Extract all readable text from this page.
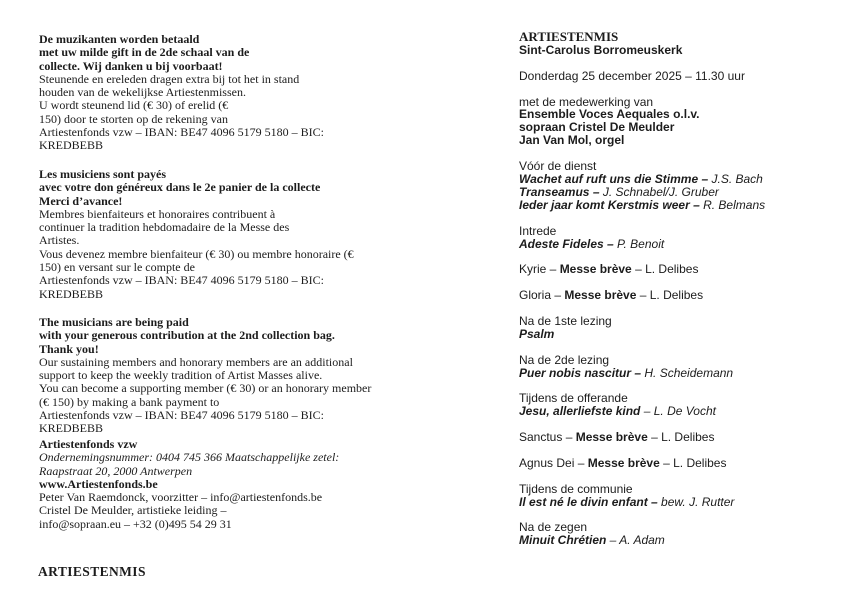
De muzikanten worden betaald
met uw milde gift in de 2de schaal van de
collecte. Wij danken u bij voorbaat!
Steunende en ereleden dragen extra bij tot het in stand
houden van de wekelijkse Artiestenmissen.
U wordt steunend lid (€ 30) of erelid (€
150) door te storten op de rekening van
Artiestenfonds vzw – IBAN: BE47 4096 5179 5180 – BIC:
KREDBEBB
Les musiciens sont payés
avec votre don généreux dans le 2e panier de la collecte
Merci d’avance!
Membres bienfaiteurs et honoraires contribuent à
continuer la tradition hebdomadaire de la Messe des
Artistes.
Vous devenez membre bienfaiteur (€ 30) ou membre honoraire (€
150) en versant sur le compte de
Artiestenfonds vzw – IBAN: BE47 4096 5179 5180 – BIC:
KREDBEBB
The musicians are being paid
with your generous contribution at the 2nd collection bag.
Thank you!
Our sustaining members and honorary members are an additional
support to keep the weekly tradition of Artist Masses alive.
You can become a supporting member (€ 30) or an honorary member
(€ 150) by making a bank payment to
Artiestenfonds vzw – IBAN: BE47 4096 5179 5180 – BIC:
KREDBEBB
Artiestenfonds vzw
Ondernemingsnummer: 0404 745 366 Maatschappelijke zetel:
Raapstraat 20, 2000 Antwerpen
www.Artiestenfonds.be
Peter Van Raemdonck, voorzitter – info@artiestenfonds.be
Cristel De Meulder, artistieke leiding –
info@sopraan.eu – +32 (0)495 54 29 31
ARTIESTENMIS
ARTIESTENMIS
Sint-Carolus Borromeuskerk

Donderdag 25 december 2025 – 11.30 uur

met de medewerking van
Ensemble Voces Aequales o.l.v.
sopraan Cristel De Meulder
Jan Van Mol, orgel

Vóór de dienst
Wachet auf ruft uns die Stimme – J.S. Bach
Transeamus – J. Schnabel/J. Gruber
Ieder jaar komt Kerstmis weer – R. Belmans

Intrede
Adeste Fideles – P. Benoit

Kyrie – Messe brève – L. Delibes

Gloria – Messe brève – L. Delibes

Na de 1ste lezing
Psalm

Na de 2de lezing
Puer nobis nascitur – H. Scheidemann

Tijdens de offerande
Jesu, allerliefste kind – L. De Vocht

Sanctus – Messe brève – L. Delibes

Agnus Dei – Messe brève – L. Delibes

Tijdens de communie
Il est né le divin enfant – bew. J. Rutter

Na de zegen
Minuit Chrétien – A. Adam
